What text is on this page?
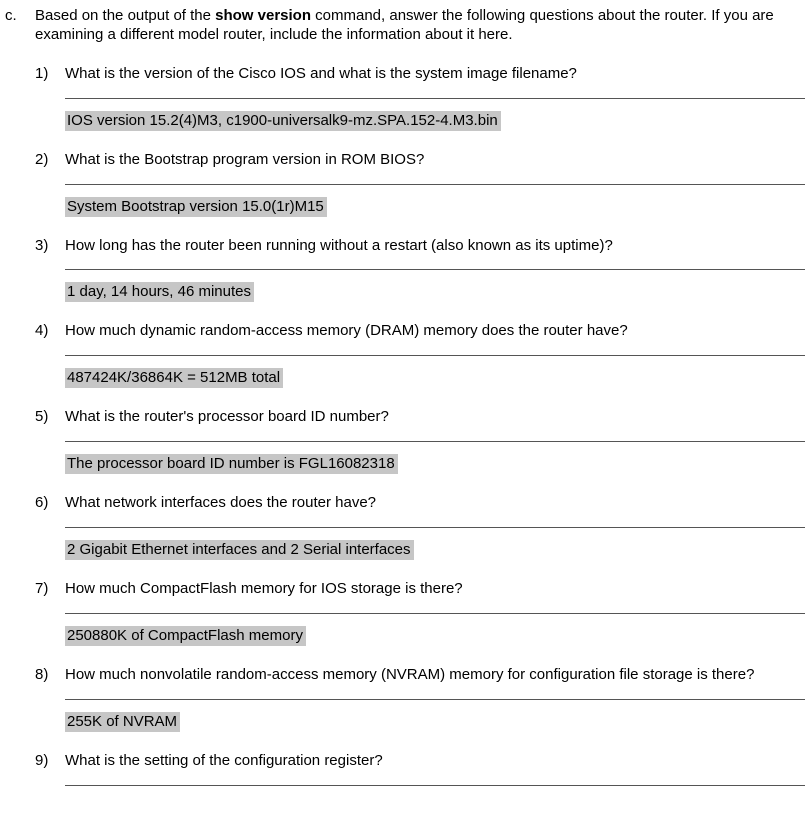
c.	Based on the output of the show version command, answer the following questions about the router. If you are examining a different model router, include the information about it here.
1)	What is the version of the Cisco IOS and what is the system image filename?
IOS version 15.2(4)M3, c1900-universalk9-mz.SPA.152-4.M3.bin
2)	What is the Bootstrap program version in ROM BIOS?
System Bootstrap version 15.0(1r)M15
3)	How long has the router been running without a restart (also known as its uptime)?
1 day, 14 hours, 46 minutes
4)	How much dynamic random-access memory (DRAM) memory does the router have?
487424K/36864K = 512MB total
5)	What is the router's processor board ID number?
The processor board ID number is FGL16082318
6)	What network interfaces does the router have?
2 Gigabit Ethernet interfaces and 2 Serial interfaces
7)	How much CompactFlash memory for IOS storage is there?
250880K of CompactFlash memory
8)	How much nonvolatile random-access memory (NVRAM) memory for configuration file storage is there?
255K of NVRAM
9)	What is the setting of the configuration register?
